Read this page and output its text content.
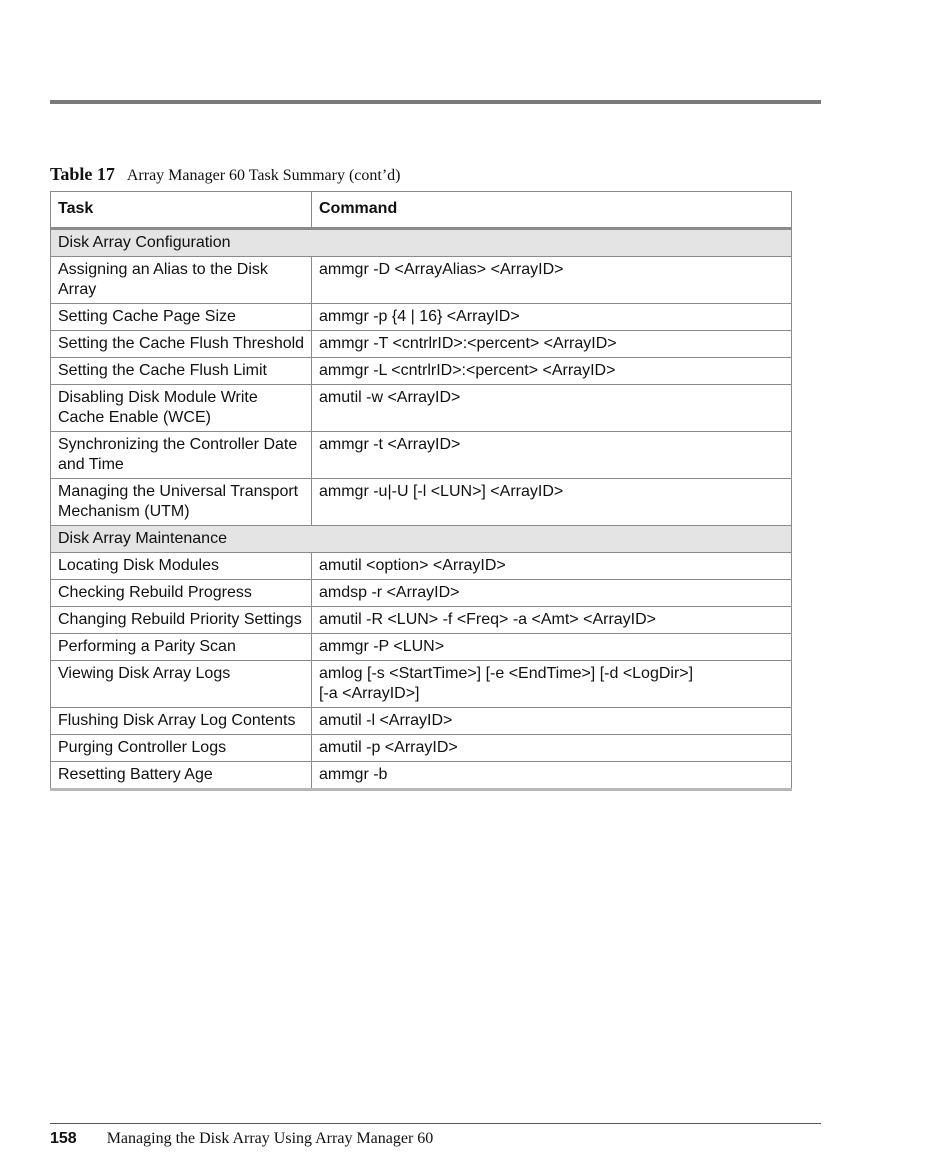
Table 17 Array Manager 60 Task Summary (cont’d)
Task	Command
Disk Array Configuration	
Assigning an Alias to the Disk Array	ammgr -D <ArrayAlias> <ArrayID>
Setting Cache Page Size	ammgr -p {4 | 16} <ArrayID>
Setting the Cache Flush Threshold	ammgr -T <cntrlrID>:<percent> <ArrayID>
Setting the Cache Flush Limit	ammgr -L <cntrlrID>:<percent> <ArrayID>
Disabling Disk Module Write Cache Enable (WCE)	amutil -w <ArrayID>
Synchronizing the Controller Date and Time	ammgr -t <ArrayID>
Managing the Universal Transport Mechanism (UTM)	ammgr -u|-U [-l <LUN>] <ArrayID>
Disk Array Maintenance	
Locating Disk Modules	amutil <option> <ArrayID>
Checking Rebuild Progress	amdsp -r <ArrayID>
Changing Rebuild Priority Settings	amutil -R <LUN> -f <Freq> -a <Amt> <ArrayID>
Performing a Parity Scan	ammgr -P <LUN>
Viewing Disk Array Logs	amlog [-s <StartTime>] [-e <EndTime>] [-d <LogDir>]
[-a <ArrayID>]
Flushing Disk Array Log Contents	amutil -l <ArrayID>
Purging Controller Logs	amutil -p <ArrayID>
Resetting Battery Age	ammgr -b
158 Managing the Disk Array Using Array Manager 60
